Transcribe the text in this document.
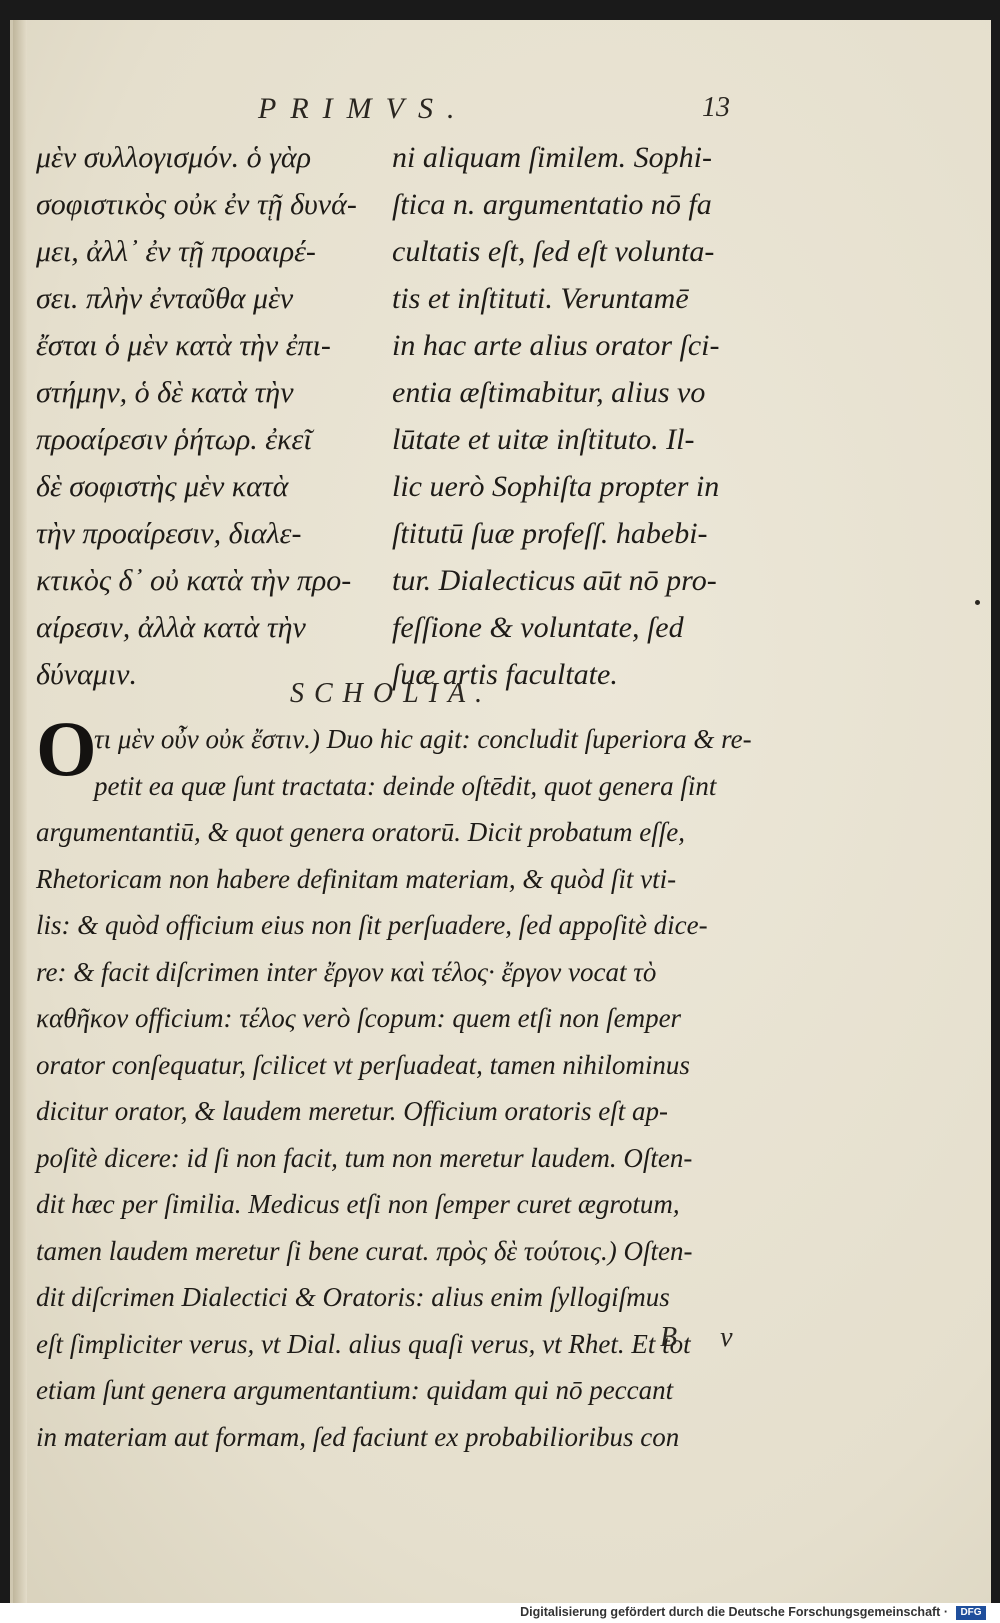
PRIMVS.	13
μὲν συλλογισμόν. ὁ γὰρ
σοφιστικὸς οὐκ ἐν τῇ δυνά-
μει, ἀλλ᾽ ἐν τῇ προαιρέ-
σει. πλὴν ἐνταῦθα μὲν
ἔσται ὁ μὲν κατὰ τὴν ἐπι-
στήμην, ὁ δὲ κατὰ τὴν
προαίρεσιν ῥήτωρ. ἐκεῖ
δὲ σοφιστὴς μὲν κατὰ
τὴν προαίρεσιν, διαλε-
κτικὸς δ᾽ οὐ κατὰ τὴν προ-
αίρεσιν, ἀλλὰ κατὰ τὴν
δύναμιν.
ni aliquam ſimilem. Sophi-
ſtica n. argumentatio nō fa
cultatis eſt, ſed eſt volunta-
tis et inſtituti. Veruntamē
in hac arte alius orator ſci-
entia æſtimabitur, alius vo
lūtate et uitæ inſtituto. Il-
lic uerò Sophiſta propter in
ſtitutū ſuæ profeſſ. habebi-
tur. Dialecticus aūt nō pro-
feſſione & voluntate, ſed
ſuæ artis facultate.
SCHOLIA.
O
τι μὲν οὖν οὐκ ἔστιν.) Duo hic agit: concludit ſuperiora & re-
petit ea quæ ſunt tractata: deinde oſtēdit, quot genera ſint
argumentantiū, & quot genera oratorū. Dicit probatum eſſe,
Rhetoricam non habere definitam materiam, & quòd ſit vti-
lis: & quòd officium eius non ſit perſuadere, ſed appoſitè dice-
re: & facit diſcrimen inter ἔργον καὶ τέλος· ἔργον vocat τὸ
καθῆκον officium: τέλος verò ſcopum: quem etſi non ſemper
orator conſequatur, ſcilicet vt perſuadeat, tamen nihilominus
dicitur orator, & laudem meretur. Officium oratoris eſt ap-
poſitè dicere: id ſi non facit, tum non meretur laudem. Oſten-
dit hæc per ſimilia. Medicus etſi non ſemper curet ægrotum,
tamen laudem meretur ſi bene curat. πρὸς δὲ τούτοις.) Oſten-
dit diſcrimen Dialectici & Oratoris: alius enim ſyllogiſmus
eſt ſimpliciter verus, vt Dial. alius quaſi verus, vt Rhet. Et tot
etiam ſunt genera argumentantium: quidam qui nō peccant
in materiam aut formam, ſed faciunt ex probabilioribus con
B v
Digitalisierung gefördert durch die Deutsche Forschungsgemeinschaft ·	DFG
